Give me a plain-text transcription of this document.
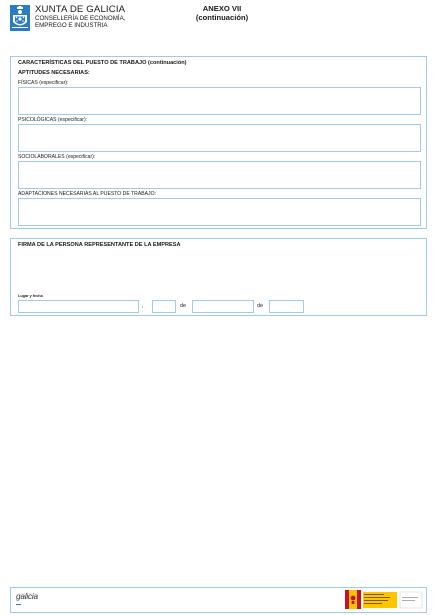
XUNTA DE GALICIA
CONSELLERÍA DE ECONOMÍA,
EMPREGO E INDUSTRIA
ANEXO VII
(continuación)
CARACTERÍSTICAS DEL PUESTO DE TRABAJO (continuación)
APTITUDES NECESARIAS:
FÍSICAS (especificar):
PSICOLÓGICAS (especificar):
SOCIOLABORALES (especificar):
ADAPTACIONES NECESARIAS AL PUESTO DE TRABAJO:
FIRMA DE LA PERSONA REPRESENTANTE DE LA EMPRESA
Lugar y fecha
,	de	de
galicia
